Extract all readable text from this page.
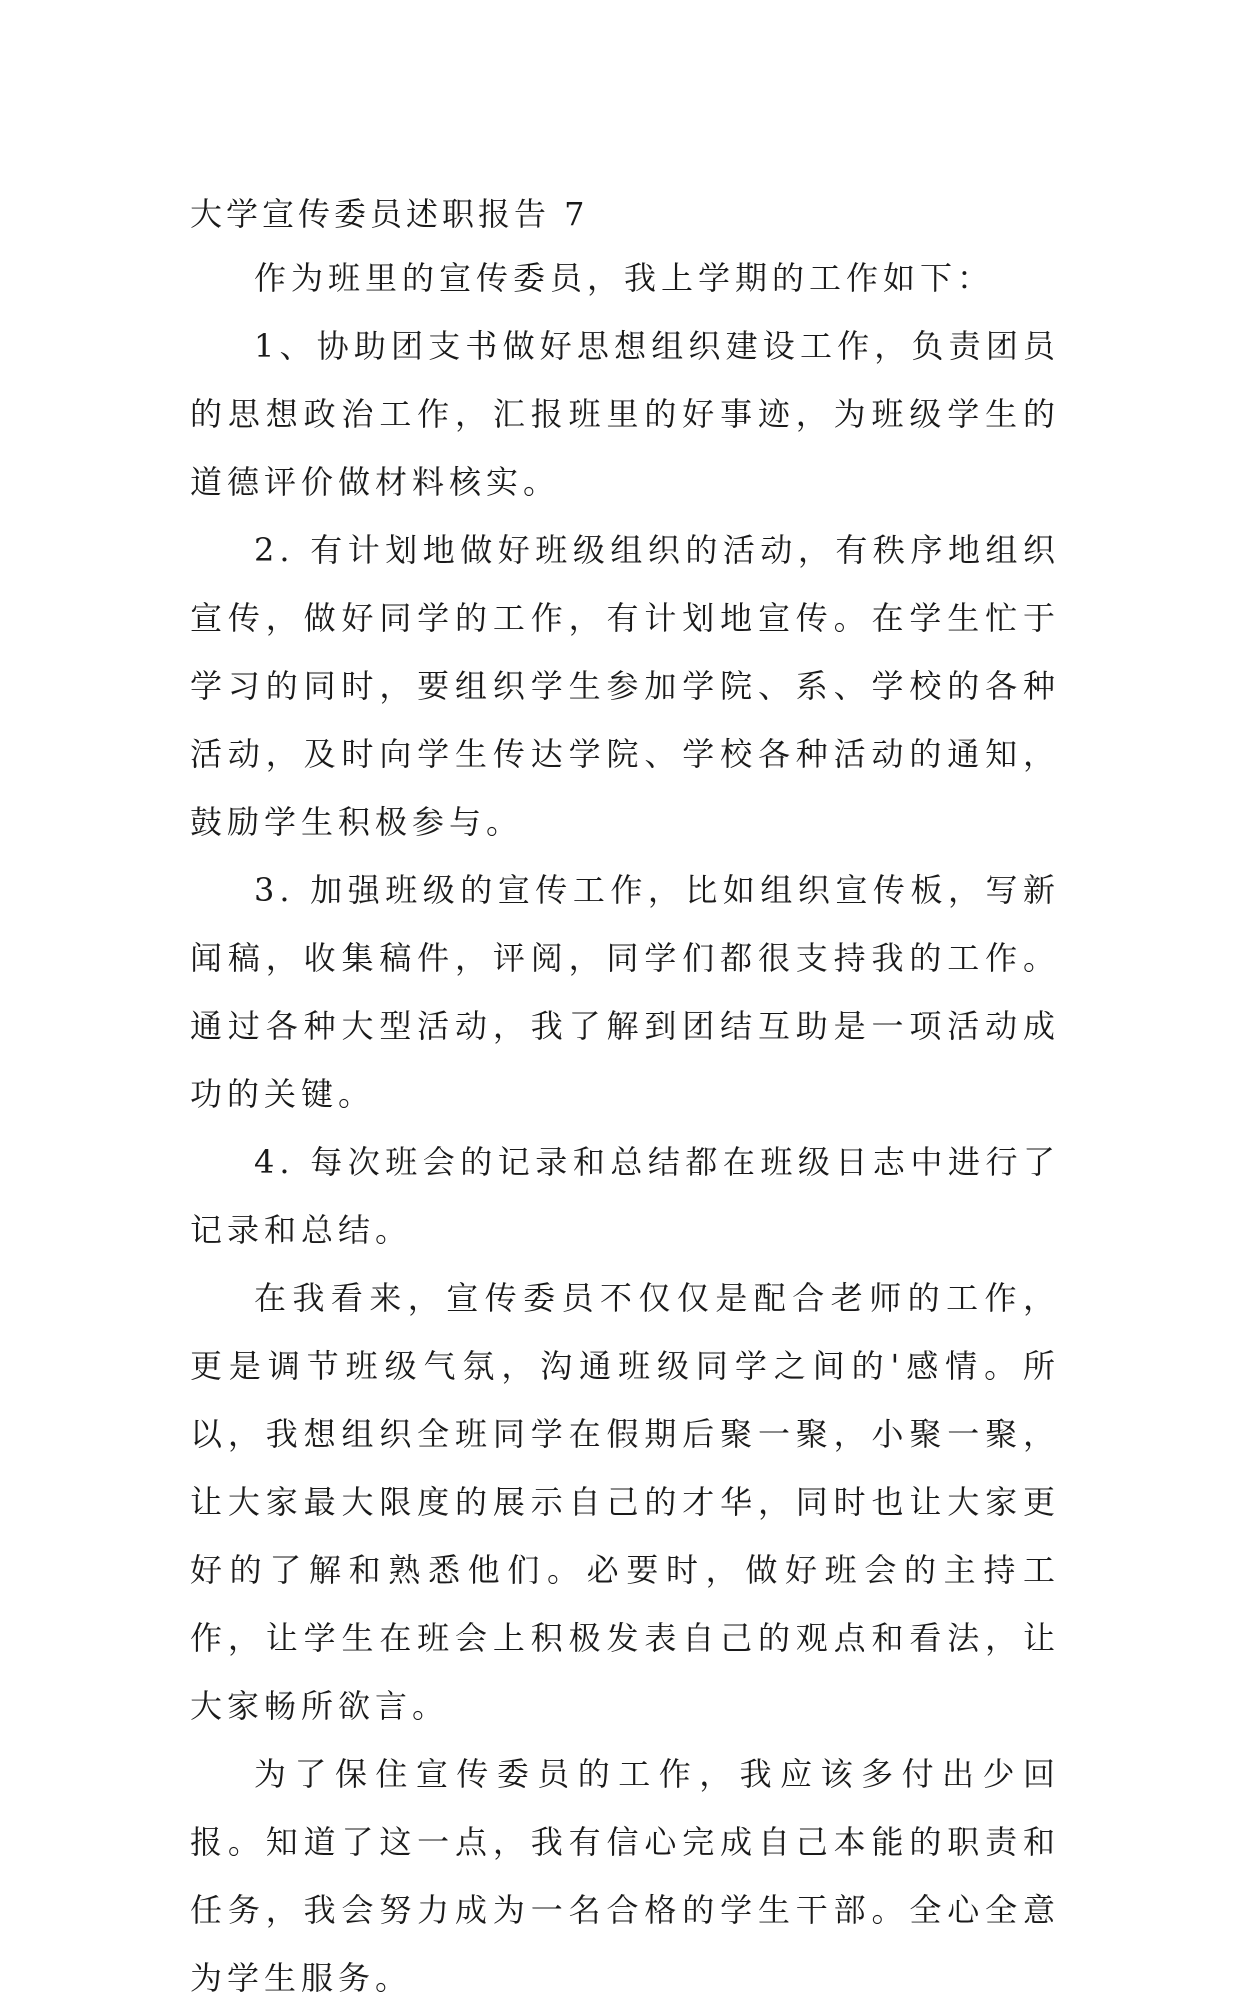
大学宣传委员述职报告 7

作为班里的宣传委员，我上学期的工作如下：

1、协助团支书做好思想组织建设工作，负责团员的思想政治工作，汇报班里的好事迹，为班级学生的道德评价做材料核实。

2. 有计划地做好班级组织的活动，有秩序地组织宣传，做好同学的工作，有计划地宣传。在学生忙于学习的同时，要组织学生参加学院、系、学校的各种活动，及时向学生传达学院、学校各种活动的通知，鼓励学生积极参与。

3. 加强班级的宣传工作，比如组织宣传板，写新闻稿，收集稿件，评阅，同学们都很支持我的工作。通过各种大型活动，我了解到团结互助是一项活动成功的关键。

4. 每次班会的记录和总结都在班级日志中进行了记录和总结。

在我看来，宣传委员不仅仅是配合老师的工作，更是调节班级气氛，沟通班级同学之间的'感情。所以，我想组织全班同学在假期后聚一聚，小聚一聚，让大家最大限度的展示自己的才华，同时也让大家更好的了解和熟悉他们。必要时，做好班会的主持工作，让学生在班会上积极发表自己的观点和看法，让大家畅所欲言。

为了保住宣传委员的工作，我应该多付出少回报。知道了这一点，我有信心完成自己本能的职责和任务，我会努力成为一名合格的学生干部。全心全意为学生服务。
